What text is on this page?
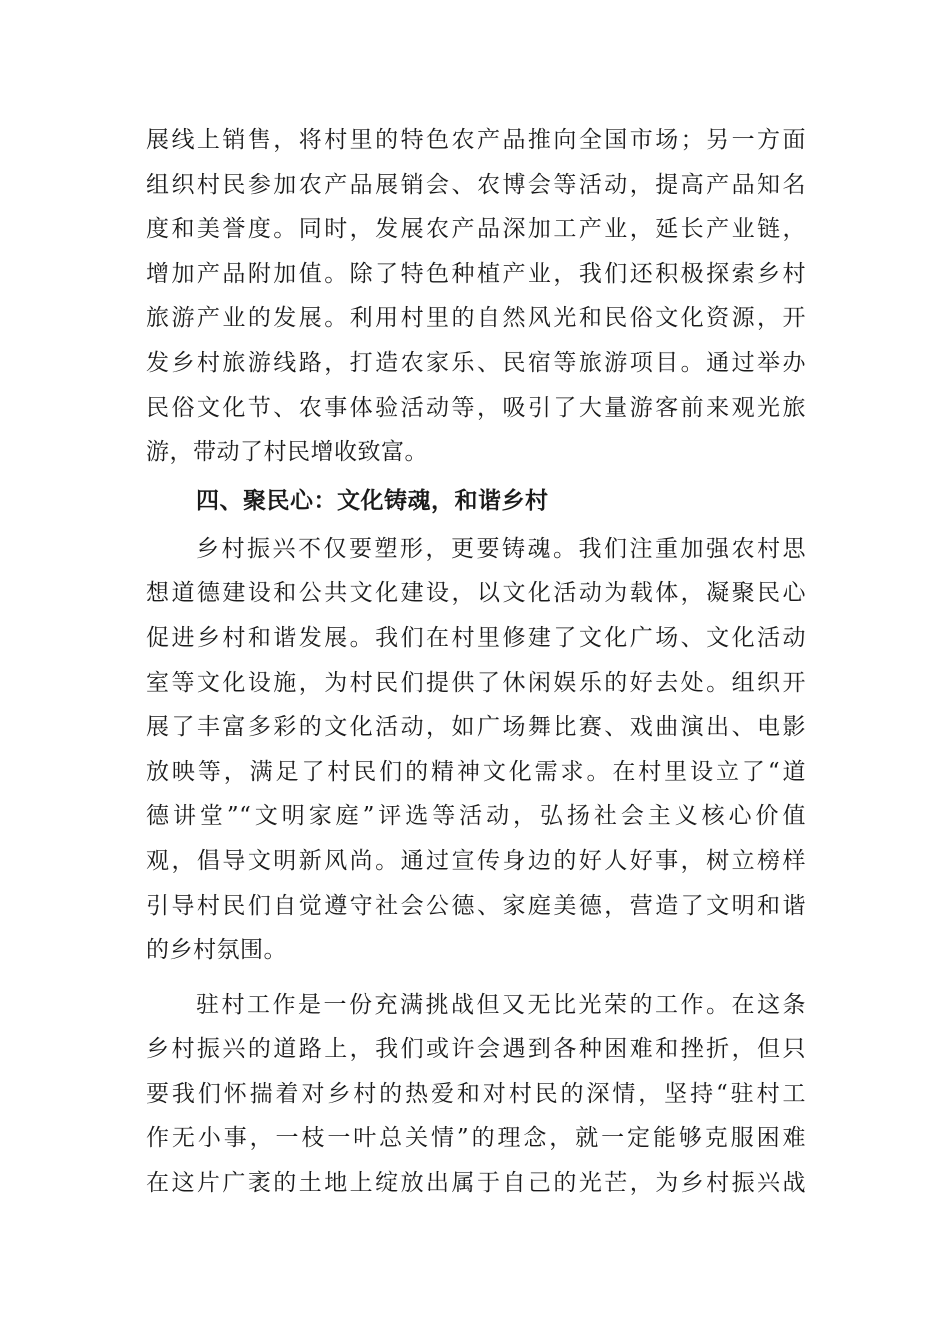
展线上销售，将村里的特色农产品推向全国市场；另一方面
组织村民参加农产品展销会、农博会等活动，提高产品知名
度和美誉度。同时，发展农产品深加工产业，延长产业链，
增加产品附加值。除了特色种植产业，我们还积极探索乡村
旅游产业的发展。利用村里的自然风光和民俗文化资源，开
发乡村旅游线路，打造农家乐、民宿等旅游项目。通过举办
民俗文化节、农事体验活动等，吸引了大量游客前来观光旅
游，带动了村民增收致富。
四、聚民心：文化铸魂，和谐乡村
乡村振兴不仅要塑形，更要铸魂。我们注重加强农村思
想道德建设和公共文化建设，以文化活动为载体，凝聚民心
促进乡村和谐发展。我们在村里修建了文化广场、文化活动
室等文化设施，为村民们提供了休闲娱乐的好去处。组织开
展了丰富多彩的文化活动，如广场舞比赛、戏曲演出、电影
放映等，满足了村民们的精神文化需求。在村里设立了“道
德讲堂”“文明家庭”评选等活动，弘扬社会主义核心价值
观，倡导文明新风尚。通过宣传身边的好人好事，树立榜样
引导村民们自觉遵守社会公德、家庭美德，营造了文明和谐
的乡村氛围。
驻村工作是一份充满挑战但又无比光荣的工作。在这条
乡村振兴的道路上，我们或许会遇到各种困难和挫折，但只
要我们怀揣着对乡村的热爱和对村民的深情，坚持“驻村工
作无小事，一枝一叶总关情”的理念，就一定能够克服困难
在这片广袤的土地上绽放出属于自己的光芒，为乡村振兴战
